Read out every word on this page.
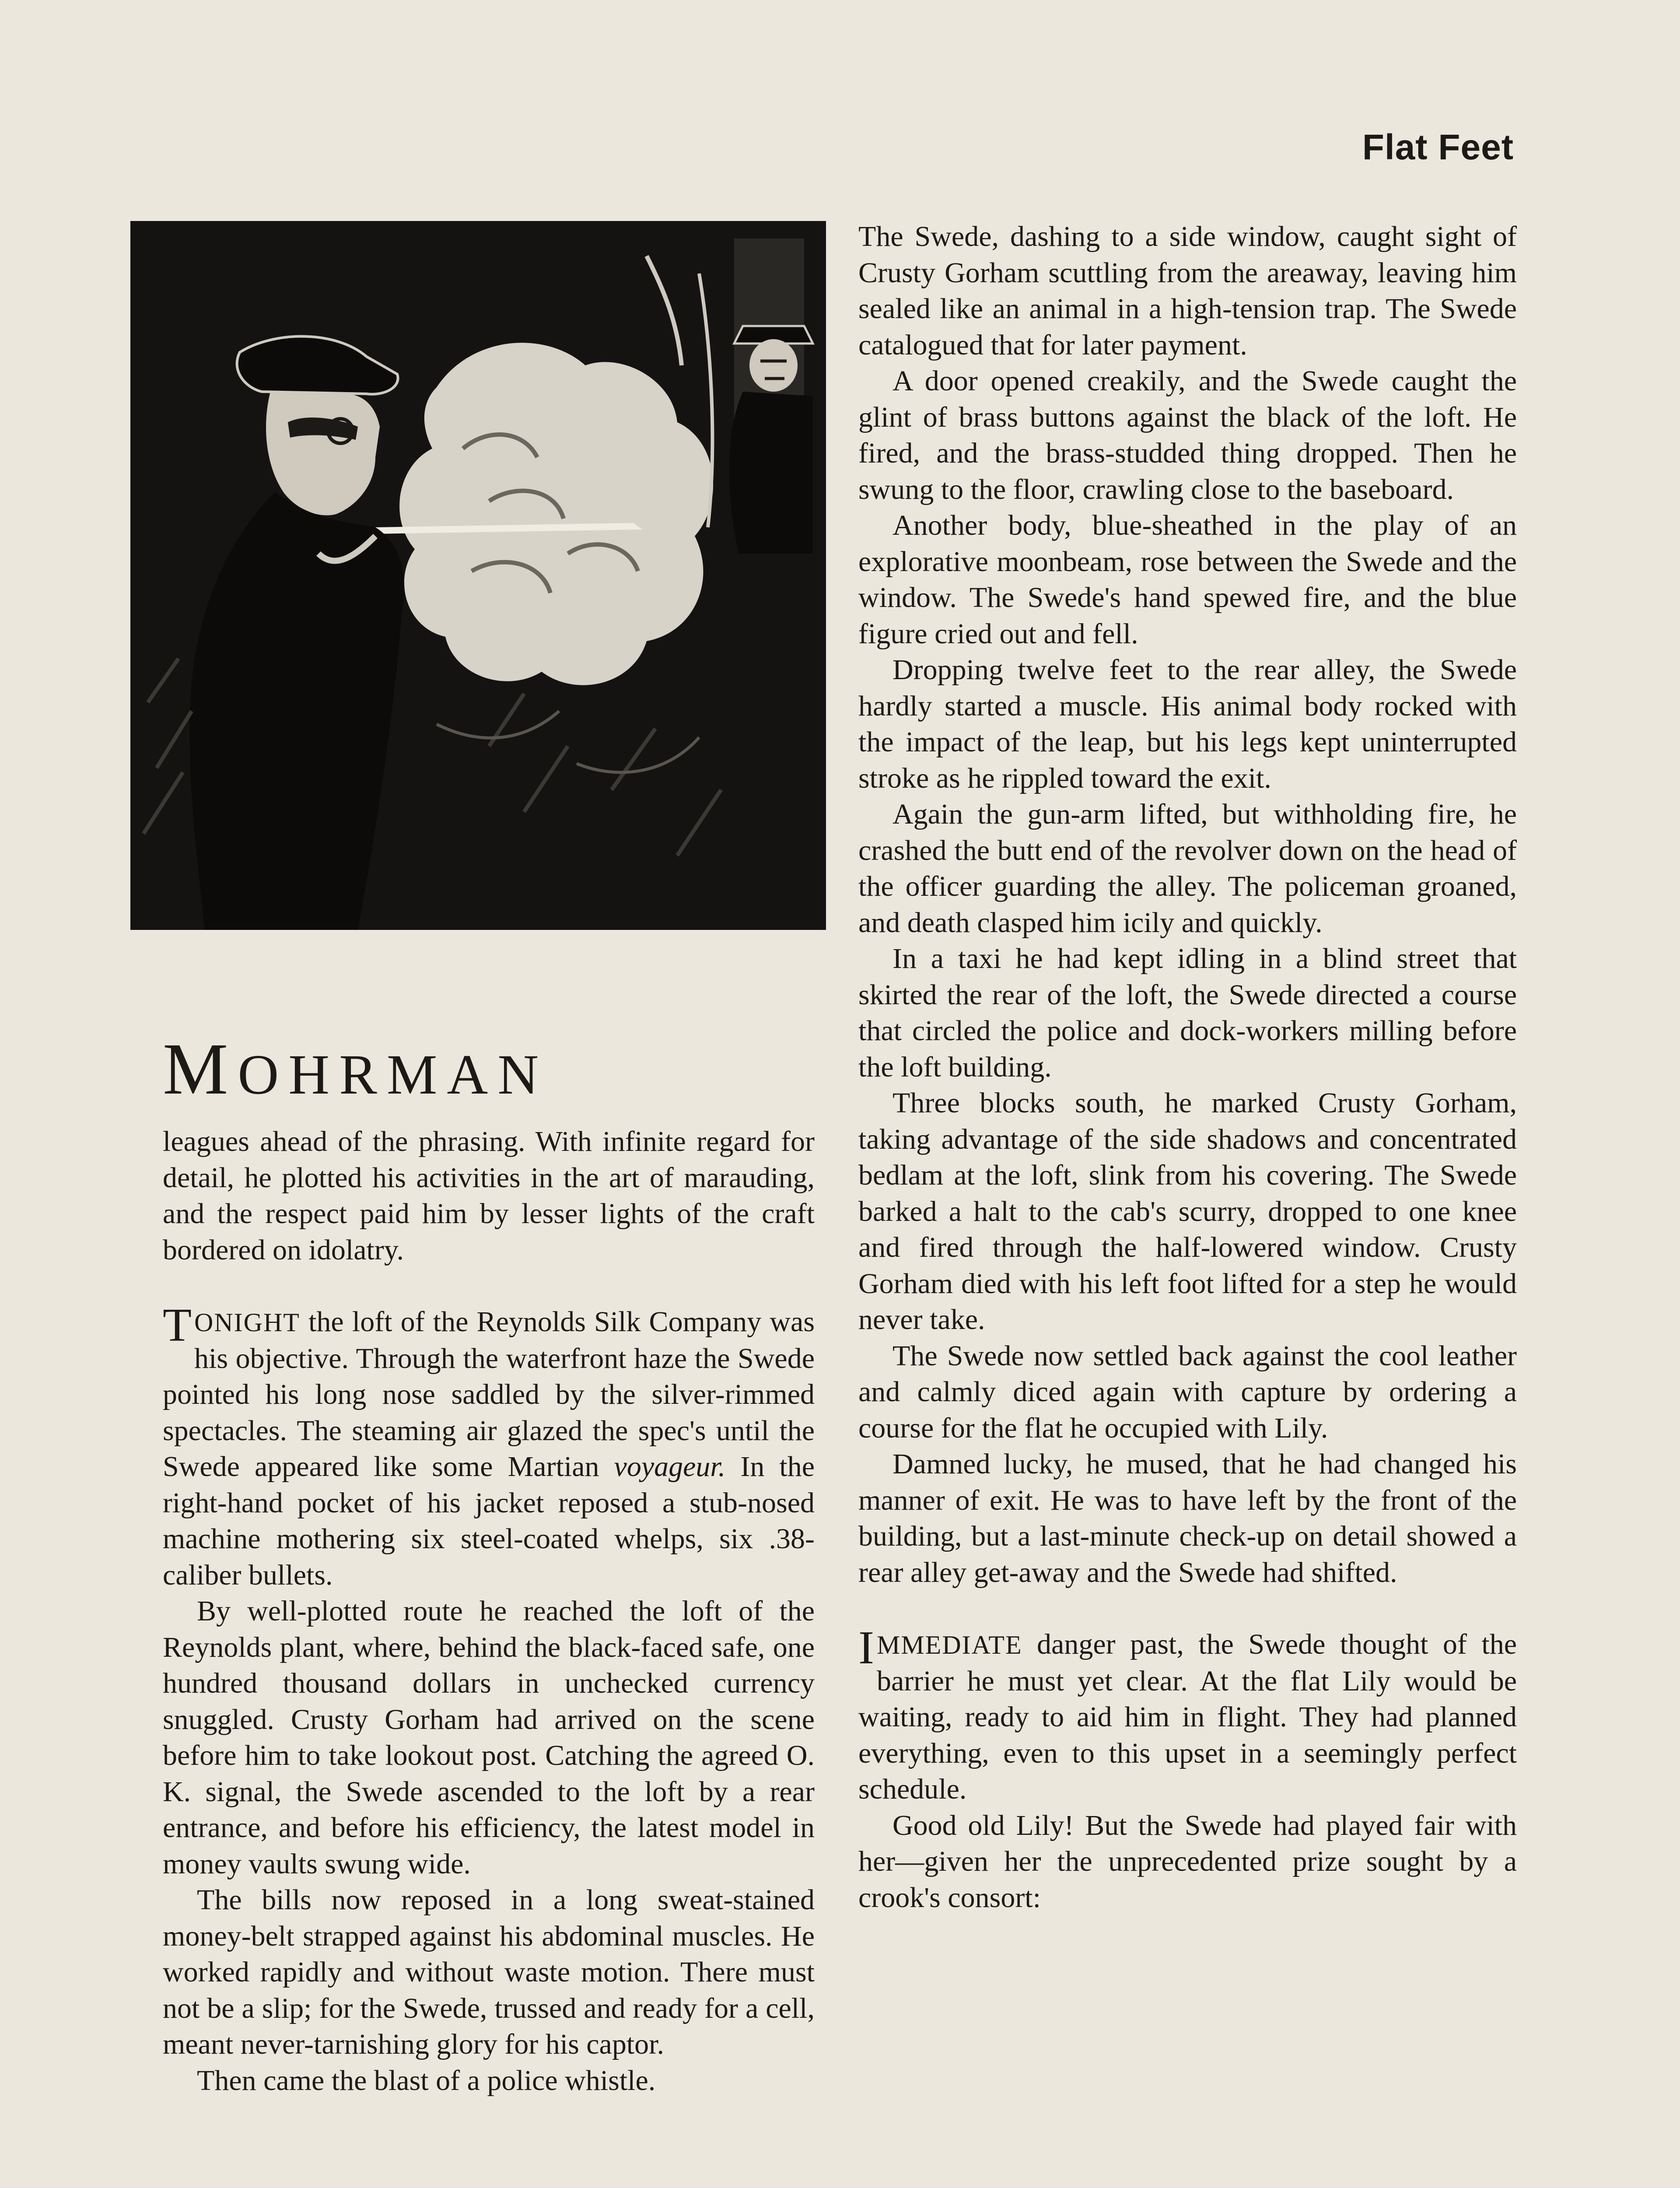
Flat Feet
MOHRMAN

leagues ahead of the phrasing. With infinite regard for detail, he plotted his activities in the art of marauding, and the respect paid him by lesser lights of the craft bordered on idolatry.

TONIGHT the loft of the Reynolds Silk Company was his objective. Through the waterfront haze the Swede pointed his long nose saddled by the silver-rimmed spectacles. The steaming air glazed the spec's until the Swede appeared like some Martian voyageur. In the right-hand pocket of his jacket reposed a stub-nosed machine mothering six steel-coated whelps, six .38-caliber bullets.

By well-plotted route he reached the loft of the Reynolds plant, where, behind the black-faced safe, one hundred thousand dollars in unchecked currency snuggled. Crusty Gorham had arrived on the scene before him to take lookout post. Catching the agreed O. K. signal, the Swede ascended to the loft by a rear entrance, and before his efficiency, the latest model in money vaults swung wide.

The bills now reposed in a long sweat-stained money-belt strapped against his abdominal muscles. He worked rapidly and without waste motion. There must not be a slip; for the Swede, trussed and ready for a cell, meant never-tarnishing glory for his captor.

Then came the blast of a police whistle.

The Swede, dashing to a side window, caught sight of Crusty Gorham scuttling from the areaway, leaving him sealed like an animal in a high-tension trap. The Swede catalogued that for later payment.

A door opened creakily, and the Swede caught the glint of brass buttons against the black of the loft. He fired, and the brass-studded thing dropped. Then he swung to the floor, crawling close to the baseboard.

Another body, blue-sheathed in the play of an explorative moonbeam, rose between the Swede and the window. The Swede's hand spewed fire, and the blue figure cried out and fell.

Dropping twelve feet to the rear alley, the Swede hardly started a muscle. His animal body rocked with the impact of the leap, but his legs kept uninterrupted stroke as he rippled toward the exit.

Again the gun-arm lifted, but withholding fire, he crashed the butt end of the revolver down on the head of the officer guarding the alley. The policeman groaned, and death clasped him icily and quickly.

In a taxi he had kept idling in a blind street that skirted the rear of the loft, the Swede directed a course that circled the police and dock-workers milling before the loft building.

Three blocks south, he marked Crusty Gorham, taking advantage of the side shadows and concentrated bedlam at the loft, slink from his covering. The Swede barked a halt to the cab's scurry, dropped to one knee and fired through the half-lowered window. Crusty Gorham died with his left foot lifted for a step he would never take.

The Swede now settled back against the cool leather and calmly diced again with capture by ordering a course for the flat he occupied with Lily.

Damned lucky, he mused, that he had changed his manner of exit. He was to have left by the front of the building, but a last-minute check-up on detail showed a rear alley get-away and the Swede had shifted.

IMMEDIATE danger past, the Swede thought of the barrier he must yet clear. At the flat Lily would be waiting, ready to aid him in flight. They had planned everything, even to this upset in a seemingly perfect schedule.

Good old Lily! But the Swede had played fair with her—given her the unprecedented prize sought by a crook's consort:
